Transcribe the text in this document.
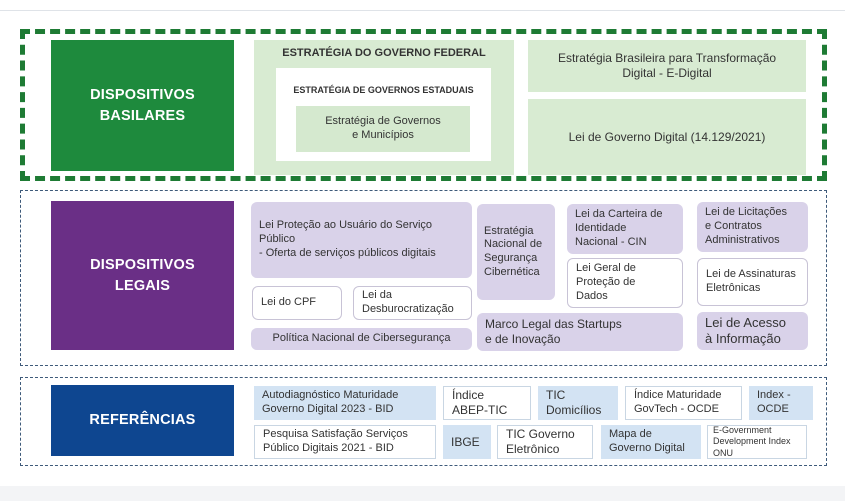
DISPOSITIVOS
BASILARES
ESTRATÉGIA DO GOVERNO FEDERAL
ESTRATÉGIA DE GOVERNOS ESTADUAIS
Estratégia de Governos
e Municípios
Estratégia Brasileira para Transformação
Digital - E-Digital
Lei de Governo Digital (14.129/2021)
DISPOSITIVOS
LEGAIS
Lei Proteção ao Usuário do Serviço
Público
- Oferta de serviços públicos digitais
Lei do CPF
Lei da
Desburocratização
Política Nacional de Cibersegurança
Estratégia
Nacional de
Segurança
Cibernética
Lei da Carteira de
Identidade
Nacional - CIN
Lei Geral de
Proteção de
Dados
Marco Legal das Startups
e de Inovação
Lei de Licitações
e Contratos
Administrativos
Lei de Assinaturas
Eletrônicas
Lei de Acesso
à Informação
REFERÊNCIAS
Autodiagnóstico Maturidade
Governo Digital 2023 - BID
Índice
ABEP-TIC
TIC
Domicílios
Índice Maturidade
GovTech - OCDE
Index -
OCDE
Pesquisa Satisfação Serviços
Público Digitais 2021 - BID	IBGE
TIC Governo
Eletrônico
Mapa de
Governo Digital
E-Government
Development Index
ONU
